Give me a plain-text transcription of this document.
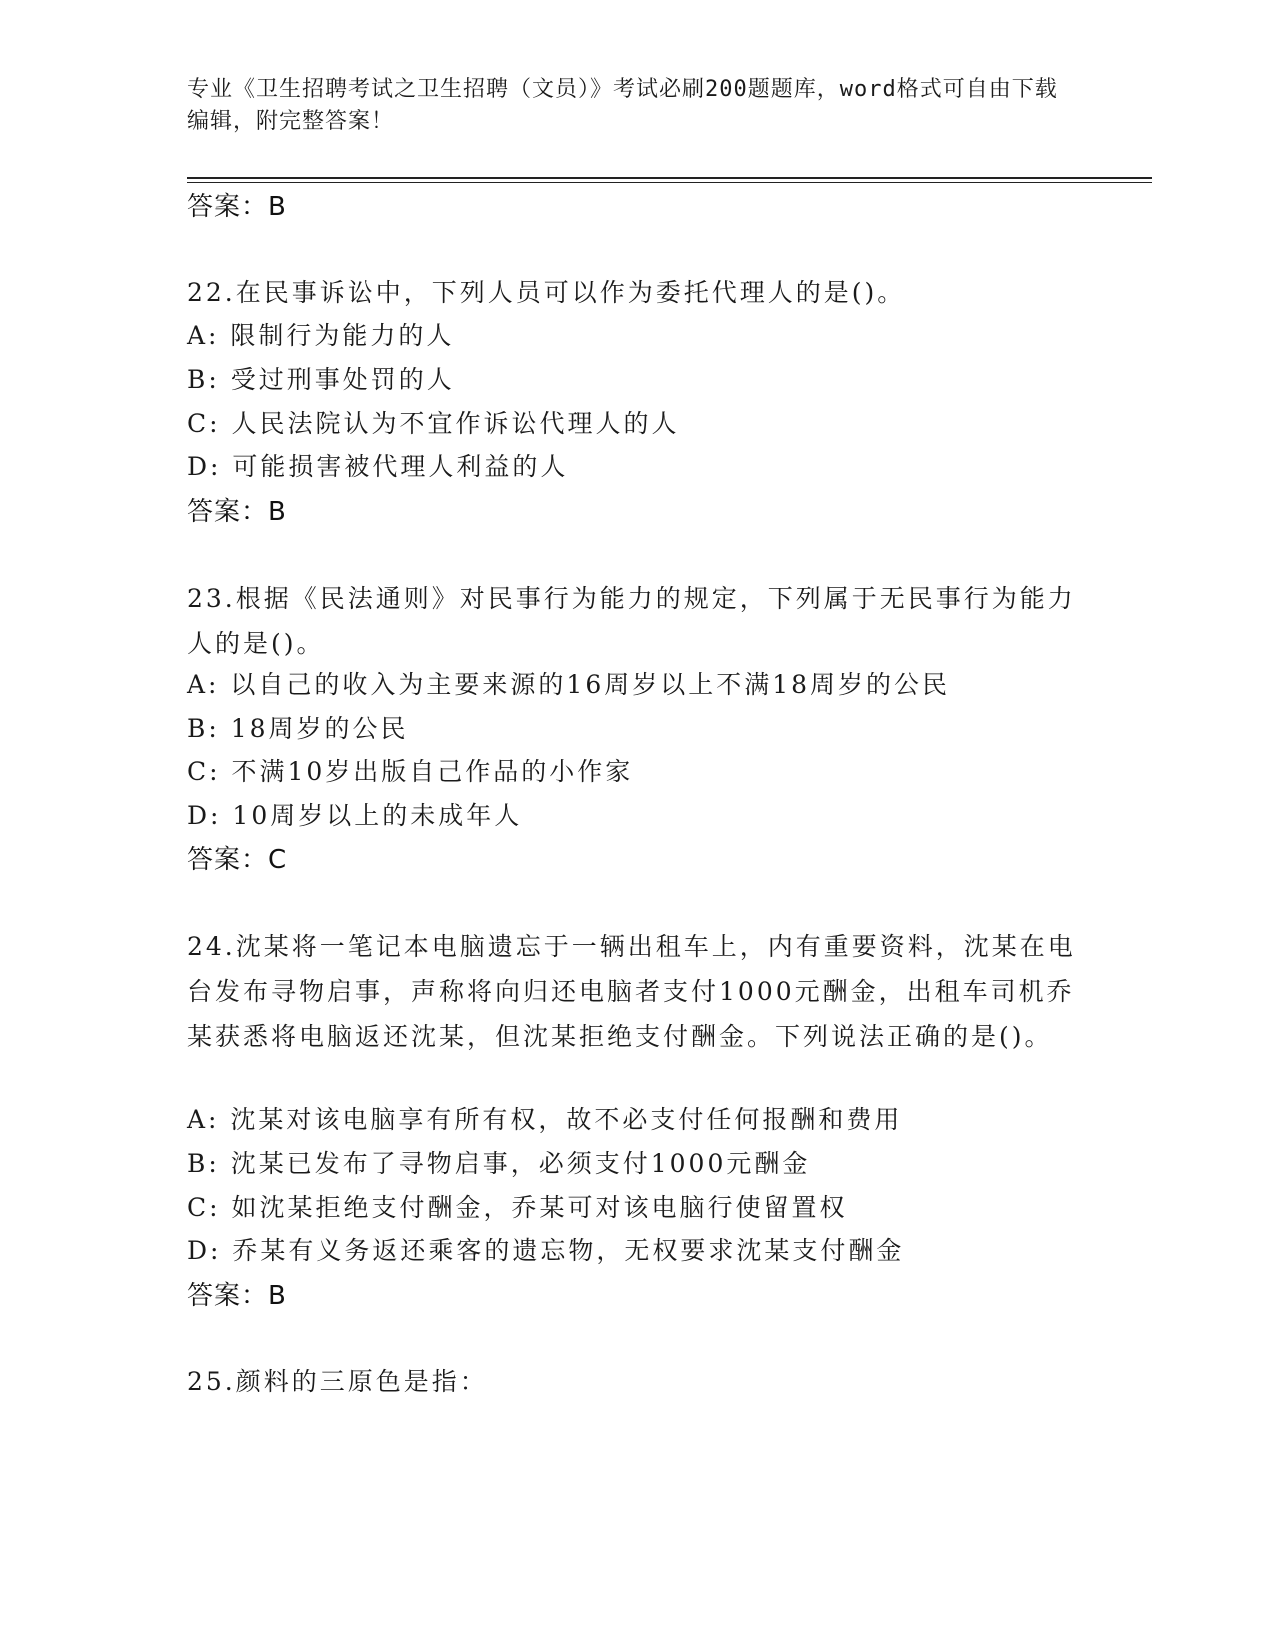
专业《卫生招聘考试之卫生招聘（文员）》考试必刷200题题库，word格式可自由下载编辑，附完整答案！
答案：B
22.在民事诉讼中，下列人员可以作为委托代理人的是()。
A: 限制行为能力的人
B: 受过刑事处罚的人
C: 人民法院认为不宜作诉讼代理人的人
D: 可能损害被代理人利益的人
答案：B
23.根据《民法通则》对民事行为能力的规定，下列属于无民事行为能力人的是()。
A: 以自己的收入为主要来源的16周岁以上不满18周岁的公民
B: 18周岁的公民
C: 不满10岁出版自己作品的小作家
D: 10周岁以上的未成年人
答案：C
24.沈某将一笔记本电脑遗忘于一辆出租车上，内有重要资料，沈某在电台发布寻物启事，声称将向归还电脑者支付1000元酬金，出租车司机乔某获悉将电脑返还沈某，但沈某拒绝支付酬金。下列说法正确的是()。
A: 沈某对该电脑享有所有权，故不必支付任何报酬和费用
B: 沈某已发布了寻物启事，必须支付1000元酬金
C: 如沈某拒绝支付酬金，乔某可对该电脑行使留置权
D: 乔某有义务返还乘客的遗忘物，无权要求沈某支付酬金
答案：B
25.颜料的三原色是指：
